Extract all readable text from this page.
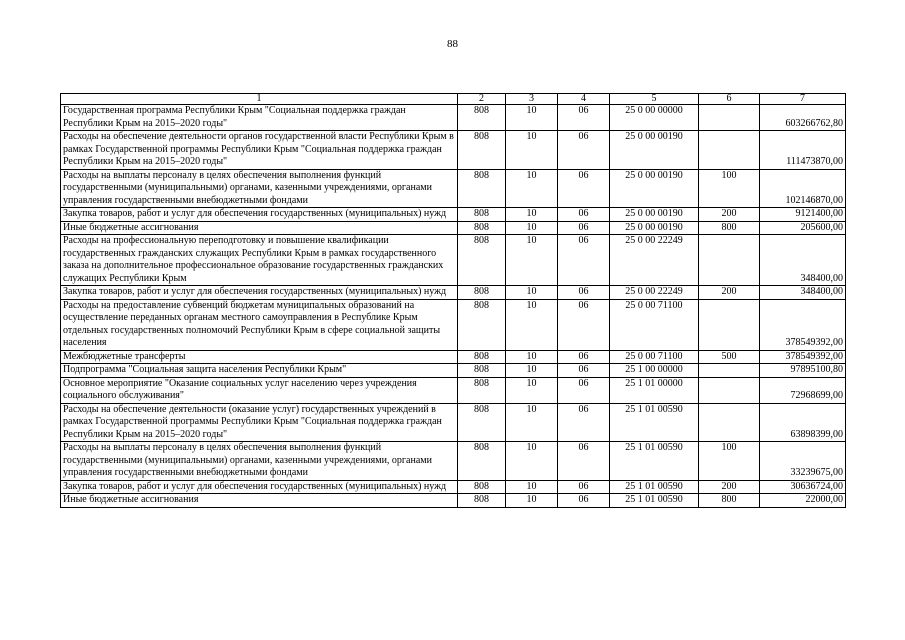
88
1	2	3	4	5	6	7
Государственная программа Республики Крым "Социальная поддержка граждан Республики Крым на 2015–2020 годы"	808	10	06	25 0 00 00000		603266762,80
Расходы на обеспечение деятельности органов государственной власти Республики Крым в рамках Государственной программы Республики Крым "Социальная поддержка граждан Республики Крым на 2015–2020 годы"	808	10	06	25 0 00 00190		111473870,00
Расходы на выплаты персоналу в целях обеспечения выполнения функций государственными (муниципальными) органами, казенными учреждениями, органами управления государственными внебюджетными фондами	808	10	06	25 0 00 00190	100	102146870,00
Закупка товаров, работ и услуг для обеспечения государственных (муниципальных) нужд	808	10	06	25 0 00 00190	200	9121400,00
Иные бюджетные ассигнования	808	10	06	25 0 00 00190	800	205600,00
Расходы на профессиональную переподготовку и повышение квалификации государственных гражданских служащих Республики Крым в рамках государственного заказа на дополнительное профессиональное образование государственных гражданских служащих Республики Крым	808	10	06	25 0 00 22249		348400,00
Закупка товаров, работ и услуг для обеспечения государственных (муниципальных) нужд	808	10	06	25 0 00 22249	200	348400,00
Расходы на предоставление субвенций бюджетам муниципальных образований на осуществление переданных органам местного самоуправления в Республике Крым отдельных государственных полномочий Республики Крым в сфере социальной защиты населения	808	10	06	25 0 00 71100		378549392,00
Межбюджетные трансферты	808	10	06	25 0 00 71100	500	378549392,00
Подпрограмма "Социальная защита населения Республики Крым"	808	10	06	25 1 00 00000		97895100,80
Основное мероприятие "Оказание социальных услуг населению через учреждения социального обслуживания"	808	10	06	25 1 01 00000		72968699,00
Расходы на обеспечение деятельности (оказание услуг) государственных учреждений в рамках Государственной программы Республики Крым "Социальная поддержка граждан Республики Крым на 2015–2020 годы"	808	10	06	25 1 01 00590		63898399,00
Расходы на выплаты персоналу в целях обеспечения выполнения функций государственными (муниципальными) органами, казенными учреждениями, органами управления государственными внебюджетными фондами	808	10	06	25 1 01 00590	100	33239675,00
Закупка товаров, работ и услуг для обеспечения государственных (муниципальных) нужд	808	10	06	25 1 01 00590	200	30636724,00
Иные бюджетные ассигнования	808	10	06	25 1 01 00590	800	22000,00
